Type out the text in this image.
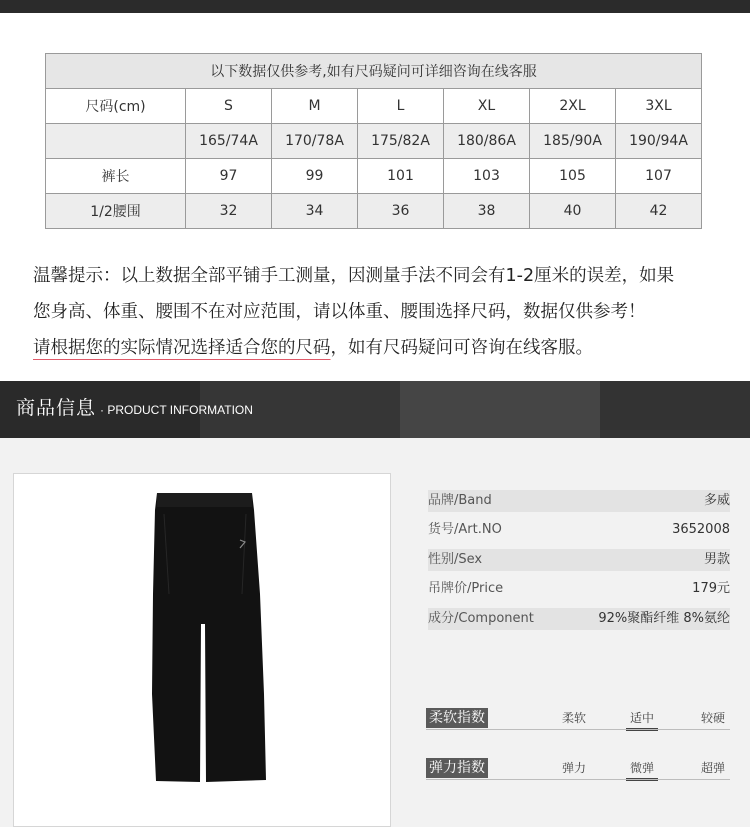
以下数据仅供参考,如有尺码疑问可详细咨询在线客服						
尺码(cm)	S	M	L	XL	2XL	3XL
	165/74A	170/78A	175/82A	180/86A	185/90A	190/94A
裤长	97	99	101	103	105	107
1/2腰围	32	34	36	38	40	42
温馨提示：以上数据全部平铺手工测量，因测量手法不同会有1-2厘米的误差，如果
您身高、体重、腰围不在对应范围，请以体重、腰围选择尺码，数据仅供参考！
请根据您的实际情况选择适合您的尺码，如有尺码疑问可咨询在线客服。
商品信息 · PRODUCT INFORMATION
品牌/Band	多威
货号/Art.NO	3652008
性别/Sex	男款
吊牌价/Price	179元
成分/Component	92%聚酯纤维 8%氨纶
柔软指数	柔软	适中	较硬
弹力指数	弹力	微弹	超弹
